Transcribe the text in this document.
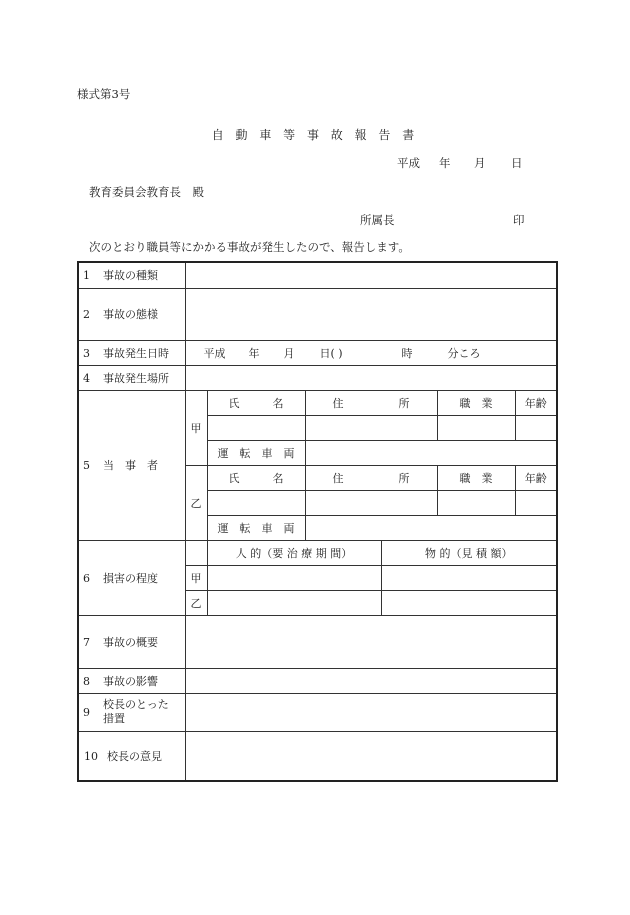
様式第3号
自 動 車 等 事 故 報 告 書
平成 年 月 日
教育委員会教育長　殿
所属長	印
次のとおり職員等にかかる事故が発生したので、報告します。
1 事故の種類						
2 事故の態様						
3 事故発生日時	平成 年 月 日( ) 時 分ころ					
4 事故発生場所						
5 当　事　者	甲	氏　　　名	住　　　　　所		職　業	年齢

		運　転　車　両				
	乙	氏　　　名	住　　　　　所		職　業	年齢

		運　転　車　両				
6 損害の程度		人 的（要 治 療 期 間）		物 的（見 積 額）		
	甲					
	乙					
7 事故の概要						
8 事故の影響						
9校長のとった措置						
10 校長の意見						
